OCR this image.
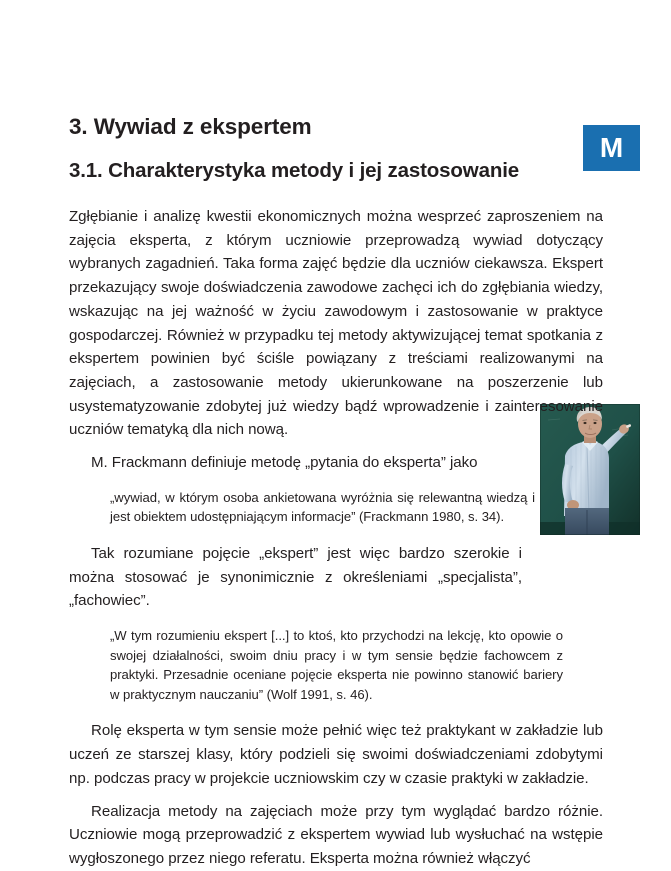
3. Wywiad z ekspertem
3.1. Charakterystyka metody i jej zastosowanie
M

Zgłębianie i analizę kwestii ekonomicznych można wesprzeć zaproszeniem na zajęcia eksperta, z którym uczniowie przeprowadzą wywiad dotyczący wybranych zagadnień. Taka forma zajęć będzie dla uczniów ciekawsza. Ekspert przekazujący swoje doświadczenia zawodowe zachęci ich do zgłębiania wiedzy, wskazując na jej ważność w życiu zawodowym i zastosowanie w praktyce gospodarczej. Również w przypadku tej metody aktywizującej temat spotkania z ekspertem powinien być ściśle powiązany z treściami realizowanymi na zajęciach, a zastosowanie metody ukierunkowane na poszerzenie lub usystematyzowanie zdobytej już wiedzy bądź wprowadzenie i zainteresowanie uczniów tematyką dla nich nową.

M. Frackmann definiuje metodę „pytania do eksperta” jako

„wywiad, w którym osoba ankietowana wyróżnia się relewantną wiedzą i jest obiektem udostępniającym informacje” (Frackmann 1980, s. 34).

Tak rozumiane pojęcie „ekspert” jest więc bardzo szerokie i można stosować je synonimicznie z określeniami „specjalista”, „fachowiec”.

„W tym rozumieniu ekspert [...] to ktoś, kto przychodzi na lekcję, kto opowie o swojej działalności, swoim dniu pracy i w tym sensie będzie fachowcem z praktyki. Przesadnie oceniane pojęcie eksperta nie powinno stanowić bariery w praktycznym nauczaniu” (Wolf 1991, s. 46).

Rolę eksperta w tym sensie może pełnić więc też praktykant w zakładzie lub uczeń ze starszej klasy, który podzieli się swoimi doświadczeniami zdobytymi np. podczas pracy w projekcie uczniowskim czy w czasie praktyki w zakładzie.

Realizacja metody na zajęciach może przy tym wyglądać bardzo różnie. Uczniowie mogą przeprowadzić z ekspertem wywiad lub wysłuchać na wstępie wygłoszonego przez niego referatu. Eksperta można również włączyć
